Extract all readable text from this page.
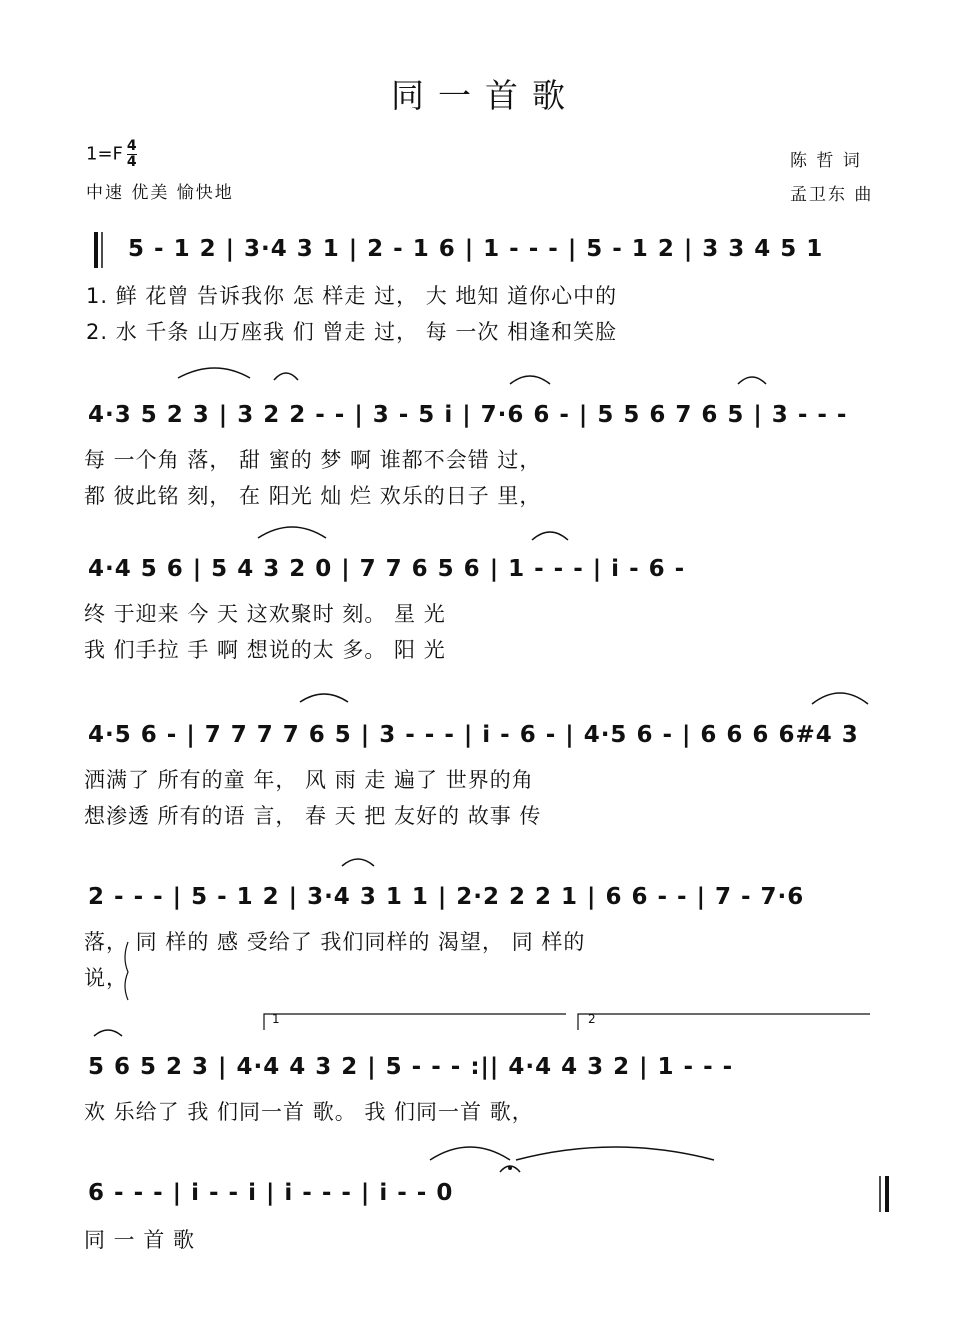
同一首歌
$1=F \frac{4}{4}$
中速 优美 愉快地
陈 哲 词
孟卫东 曲
5 - 1 2 | 3·4 3 1 | 2 - 1 6 | 1 - - - | 5 - 1 2 | 3 3 4 5 1
1. 鲜 花曾 告诉我你 怎 样走 过， 大 地知 道你心中的
2. 水 千条 山万座我 们 曾走 过， 每 一次 相逢和笑脸
4·3 5 2 3 | 3 2 2 - - | 3 - 5 i | 7·6 6 - | 5 5 6 7 6 5 | 3 - - -
每 一个角 落， 甜 蜜的 梦 啊 谁都不会错 过，
都 彼此铭 刻， 在 阳光 灿 烂 欢乐的日子 里，
4·4 5 6 | 5 4 3 2 0 | 7 7 6 5 6 | 1 - - - | i - 6 -
终 于迎来 今 天 这欢聚时 刻。 星 光
我 们手拉 手 啊 想说的太 多。 阳 光
4·5 6 - | 7 7 7 7 6 5 | 3 - - - | i - 6 - | 4·5 6 - | 6 6 6 6#4 3
洒满了 所有的童 年， 风 雨 走 遍了 世界的角
想渗透 所有的语 言， 春 天 把 友好的 故事 传
2 - - - | 5 - 1 2 | 3·4 3 1 1 | 2·2 2 2 1 | 6 6 - - | 7 - 7·6
落， 同 样的 感 受给了 我们同样的 渴望， 同 样的
说，
1	2
5 6 5 2 3 | 4·4 4 3 2 | 5 - - - :|| 4·4 4 3 2 | 1 - - -
欢 乐给了 我 们同一首 歌。 我 们同一首 歌，
6 - - - | i - - i | i - - - | i - - 0
同 一 首 歌
